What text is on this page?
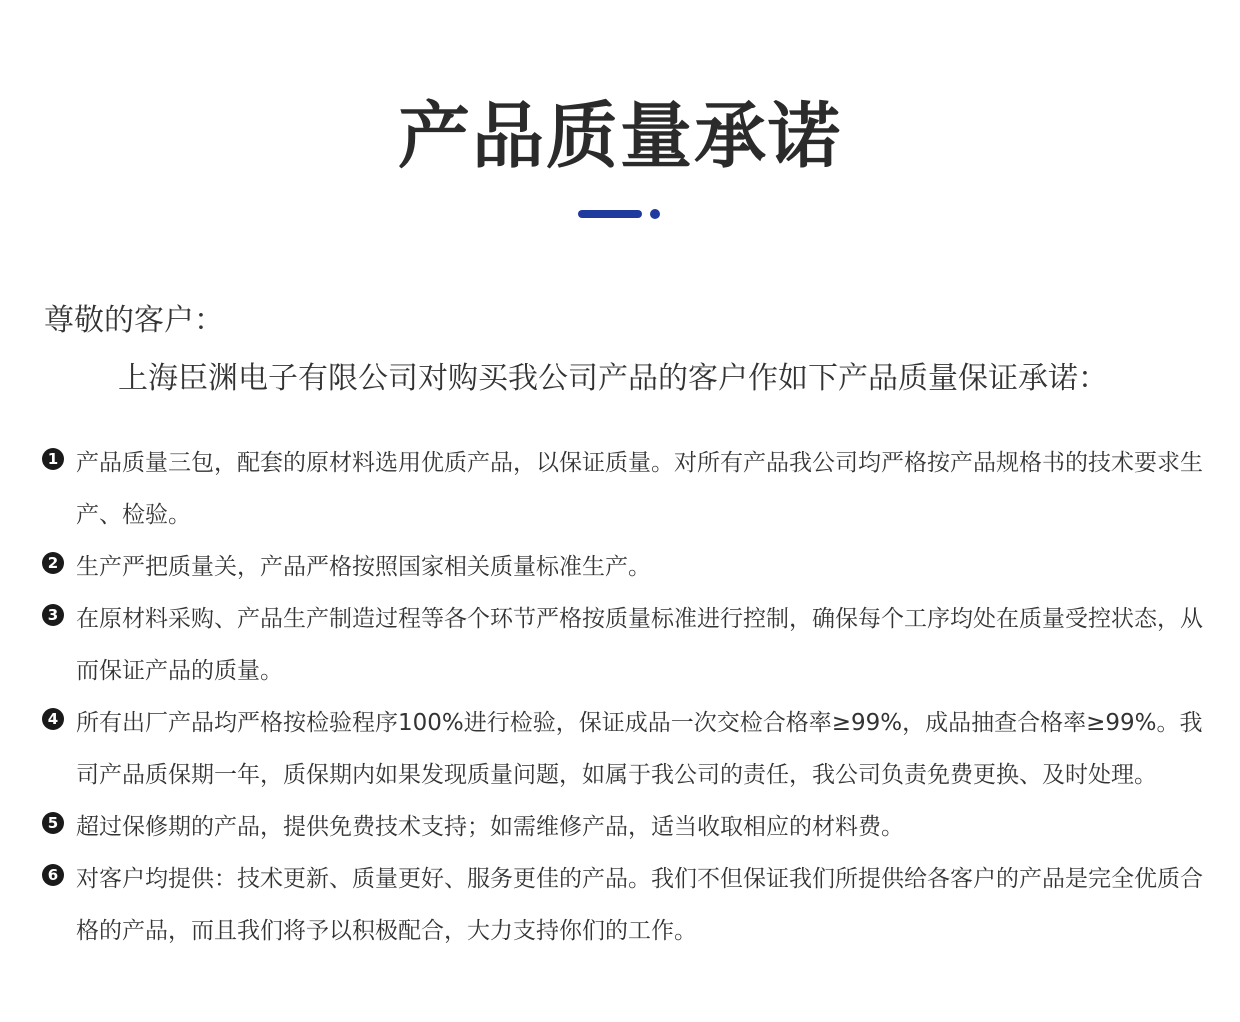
产品质量承诺
尊敬的客户：
上海臣渊电子有限公司对购买我公司产品的客户作如下产品质量保证承诺：
1 产品质量三包，配套的原材料选用优质产品，以保证质量。对所有产品我公司均严格按产品规格书的技术要求生 产、检验。
2 生产严把质量关，产品严格按照国家相关质量标准生产。
3 在原材料采购、产品生产制造过程等各个环节严格按质量标准进行控制，确保每个工序均处在质量受控状态，从而保证产品的质量。
4 所有出厂产品均严格按检验程序100%进行检验，保证成品一次交检合格率≥99%，成品抽查合格率≥99%。我司产品质保期一年，质保期内如果发现质量问题，如属于我公司的责任，我公司负责免费更换、及时处理。
5 超过保修期的产品，提供免费技术支持；如需维修产品，适当收取相应的材料费。
6 对客户均提供：技术更新、质量更好、服务更佳的产品。我们不但保证我们所提供给各客户的产品是完全优质合格的产品，而且我们将予以积极配合，大力支持你们的工作。
